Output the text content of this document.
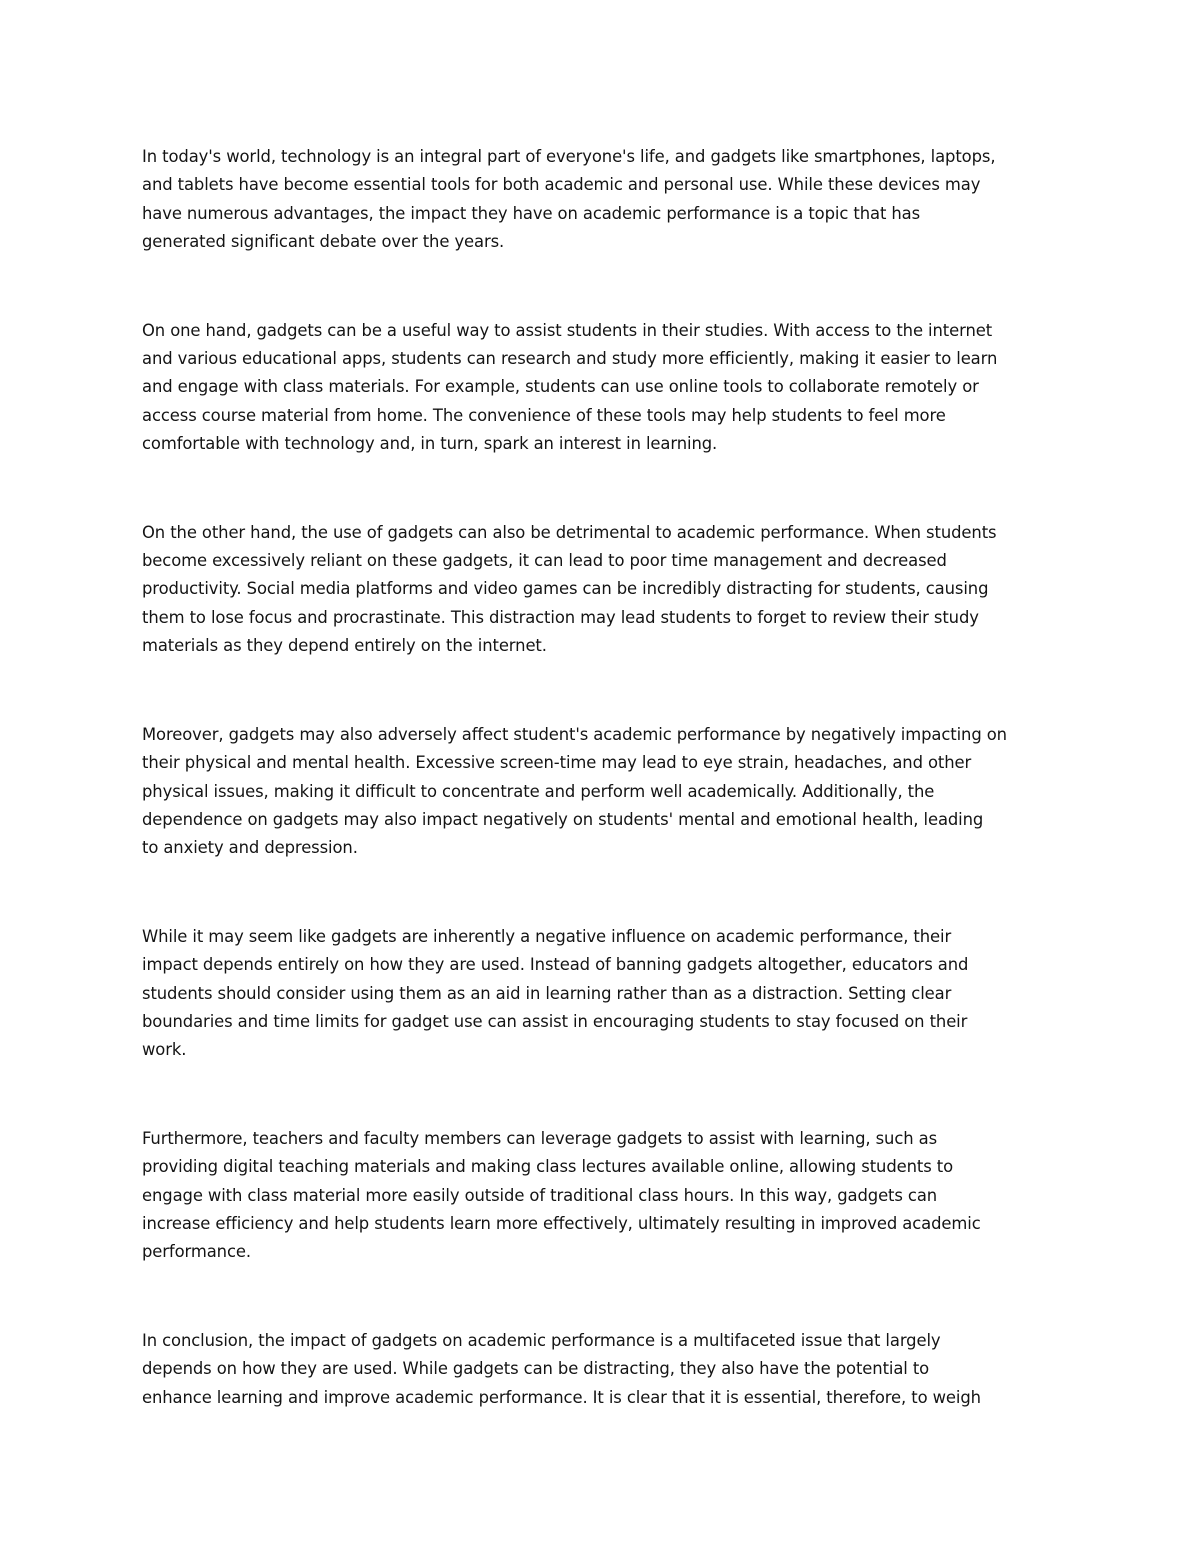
In today's world, technology is an integral part of everyone's life, and gadgets like smartphones, laptops,
and tablets have become essential tools for both academic and personal use. While these devices may
have numerous advantages, the impact they have on academic performance is a topic that has
generated significant debate over the years.

On one hand, gadgets can be a useful way to assist students in their studies. With access to the internet
and various educational apps, students can research and study more efficiently, making it easier to learn
and engage with class materials. For example, students can use online tools to collaborate remotely or
access course material from home. The convenience of these tools may help students to feel more
comfortable with technology and, in turn, spark an interest in learning.

On the other hand, the use of gadgets can also be detrimental to academic performance. When students
become excessively reliant on these gadgets, it can lead to poor time management and decreased
productivity. Social media platforms and video games can be incredibly distracting for students, causing
them to lose focus and procrastinate. This distraction may lead students to forget to review their study
materials as they depend entirely on the internet.

Moreover, gadgets may also adversely affect student's academic performance by negatively impacting on
their physical and mental health. Excessive screen-time may lead to eye strain, headaches, and other
physical issues, making it difficult to concentrate and perform well academically. Additionally, the
dependence on gadgets may also impact negatively on students' mental and emotional health, leading
to anxiety and depression.

While it may seem like gadgets are inherently a negative influence on academic performance, their
impact depends entirely on how they are used. Instead of banning gadgets altogether, educators and
students should consider using them as an aid in learning rather than as a distraction. Setting clear
boundaries and time limits for gadget use can assist in encouraging students to stay focused on their
work.

Furthermore, teachers and faculty members can leverage gadgets to assist with learning, such as
providing digital teaching materials and making class lectures available online, allowing students to
engage with class material more easily outside of traditional class hours. In this way, gadgets can
increase efficiency and help students learn more effectively, ultimately resulting in improved academic
performance.

In conclusion, the impact of gadgets on academic performance is a multifaceted issue that largely
depends on how they are used. While gadgets can be distracting, they also have the potential to
enhance learning and improve academic performance. It is clear that it is essential, therefore, to weigh
